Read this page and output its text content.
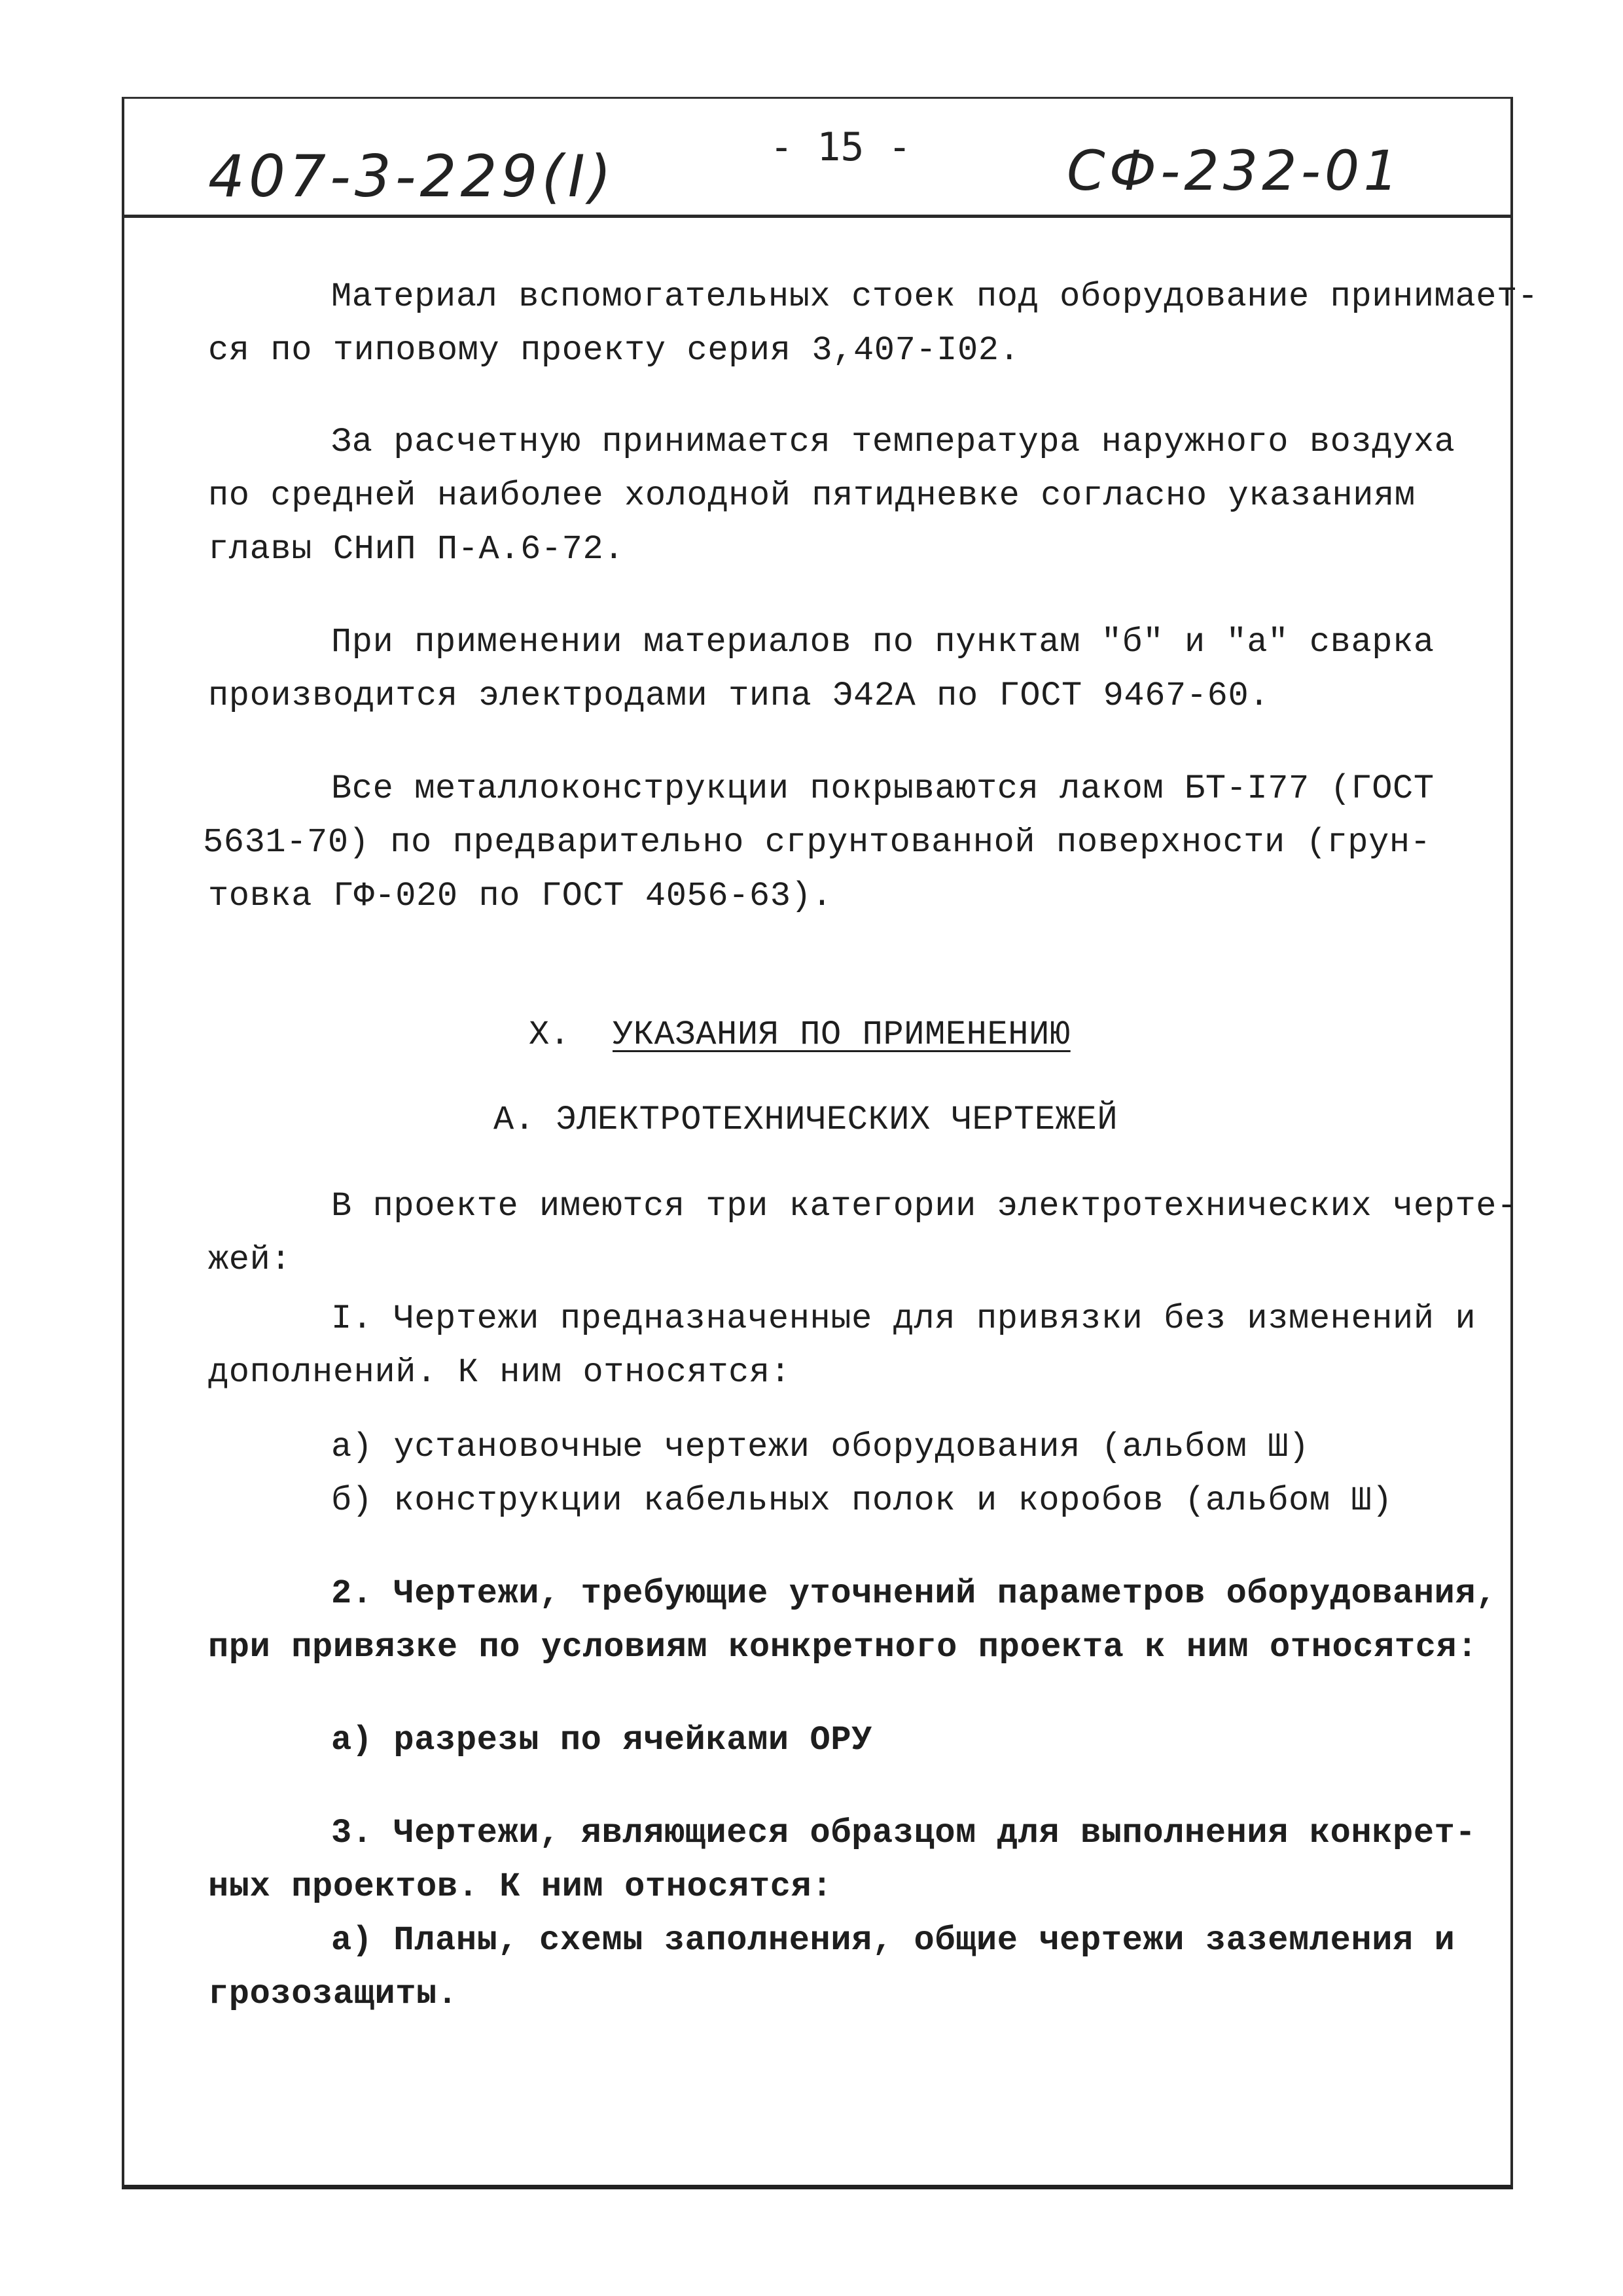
407-3-229(I)	- 15 -	СФ-232-01
Материал вспомогательных стоек под оборудование принимает-
ся по типовому проекту серия 3,407-I02.
За расчетную принимается температура наружного воздуха
по средней наиболее холодной пятидневке согласно указаниям
главы СНиП П-А.6-72.
При применении материалов по пунктам "б" и "а" сварка
производится электродами типа Э42А по ГОСТ 9467-60.
Все металлоконструкции покрываются лаком БТ-I77 (ГОСТ
5631-70) по предварительно сгрунтованной поверхности (грун-
товка ГФ-020 по ГОСТ 4056-63).
X. УКАЗАНИЯ ПО ПРИМЕНЕНИЮ
А. ЭЛЕКТРОТЕХНИЧЕСКИХ ЧЕРТЕЖЕЙ
В проекте имеются три категории электротехнических черте-
жей:
I. Чертежи предназначенные для привязки без изменений и
дополнений. К ним относятся:
а) установочные чертежи оборудования (альбом Ш)
б) конструкции кабельных полок и коробов (альбом Ш)
2. Чертежи, требующие уточнений параметров оборудования,
при привязке по условиям конкретного проекта к ним относятся:
а) разрезы по ячейками ОРУ
3. Чертежи, являющиеся образцом для выполнения конкрет-
ных проектов. К ним относятся:
а) Планы, схемы заполнения, общие чертежи заземления и
грозозащиты.
